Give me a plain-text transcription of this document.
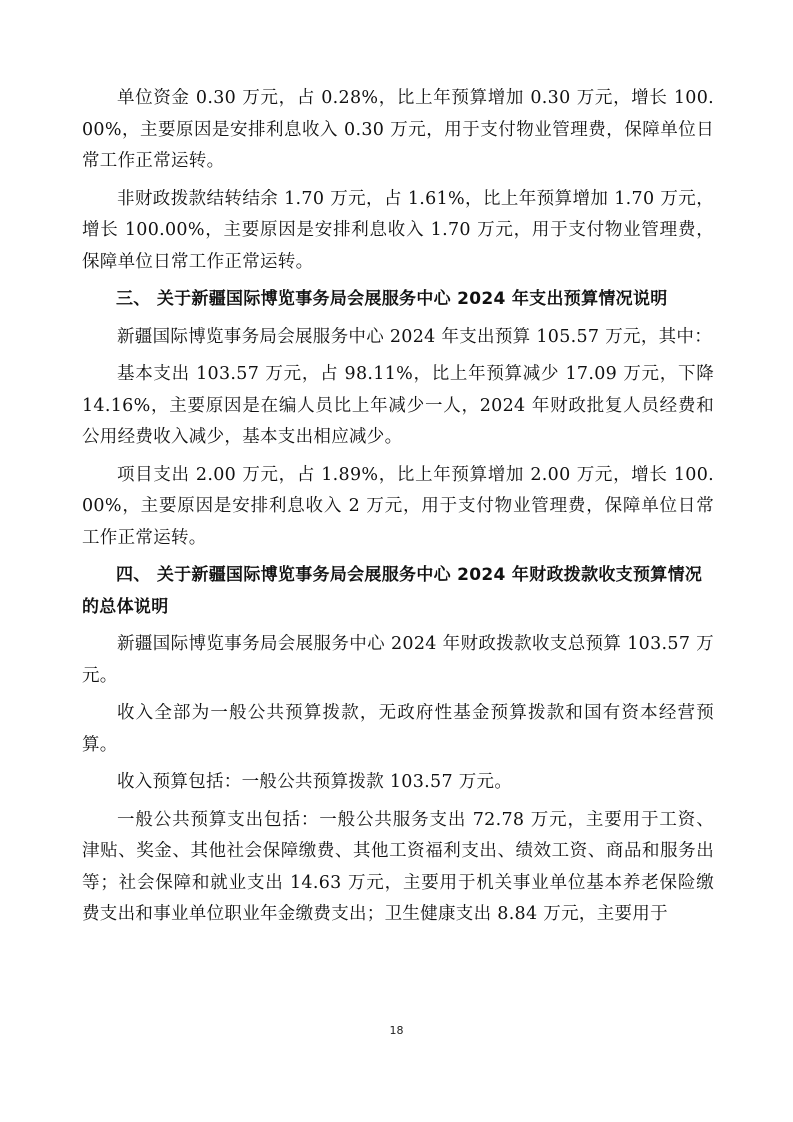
单位资金 0.30 万元，占 0.28%，比上年预算增加 0.30 万元，增长 100.00%，主要原因是安排利息收入 0.30 万元，用于支付物业管理费，保障单位日常工作正常运转。

非财政拨款结转结余 1.70 万元，占 1.61%，比上年预算增加 1.70 万元，增长 100.00%，主要原因是安排利息收入 1.70 万元，用于支付物业管理费，保障单位日常工作正常运转。

三、 关于新疆国际博览事务局会展服务中心 2024 年支出预算情况说明

新疆国际博览事务局会展服务中心 2024 年支出预算 105.57 万元，其中：

基本支出 103.57 万元，占 98.11%，比上年预算减少 17.09 万元，下降 14.16%，主要原因是在编人员比上年减少一人，2024 年财政批复人员经费和公用经费收入减少，基本支出相应减少。

项目支出 2.00 万元，占 1.89%，比上年预算增加 2.00 万元，增长 100.00%，主要原因是安排利息收入 2 万元，用于支付物业管理费，保障单位日常工作正常运转。

四、 关于新疆国际博览事务局会展服务中心 2024 年财政拨款收支预算情况的总体说明

新疆国际博览事务局会展服务中心 2024 年财政拨款收支总预算 103.57 万元。

收入全部为一般公共预算拨款，无政府性基金预算拨款和国有资本经营预算。

收入预算包括：一般公共预算拨款 103.57 万元。

一般公共预算支出包括：一般公共服务支出 72.78 万元，主要用于工资、津贴、奖金、其他社会保障缴费、其他工资福利支出、绩效工资、商品和服务出等；社会保障和就业支出 14.63 万元，主要用于机关事业单位基本养老保险缴费支出和事业单位职业年金缴费支出；卫生健康支出 8.84 万元，主要用于

18
